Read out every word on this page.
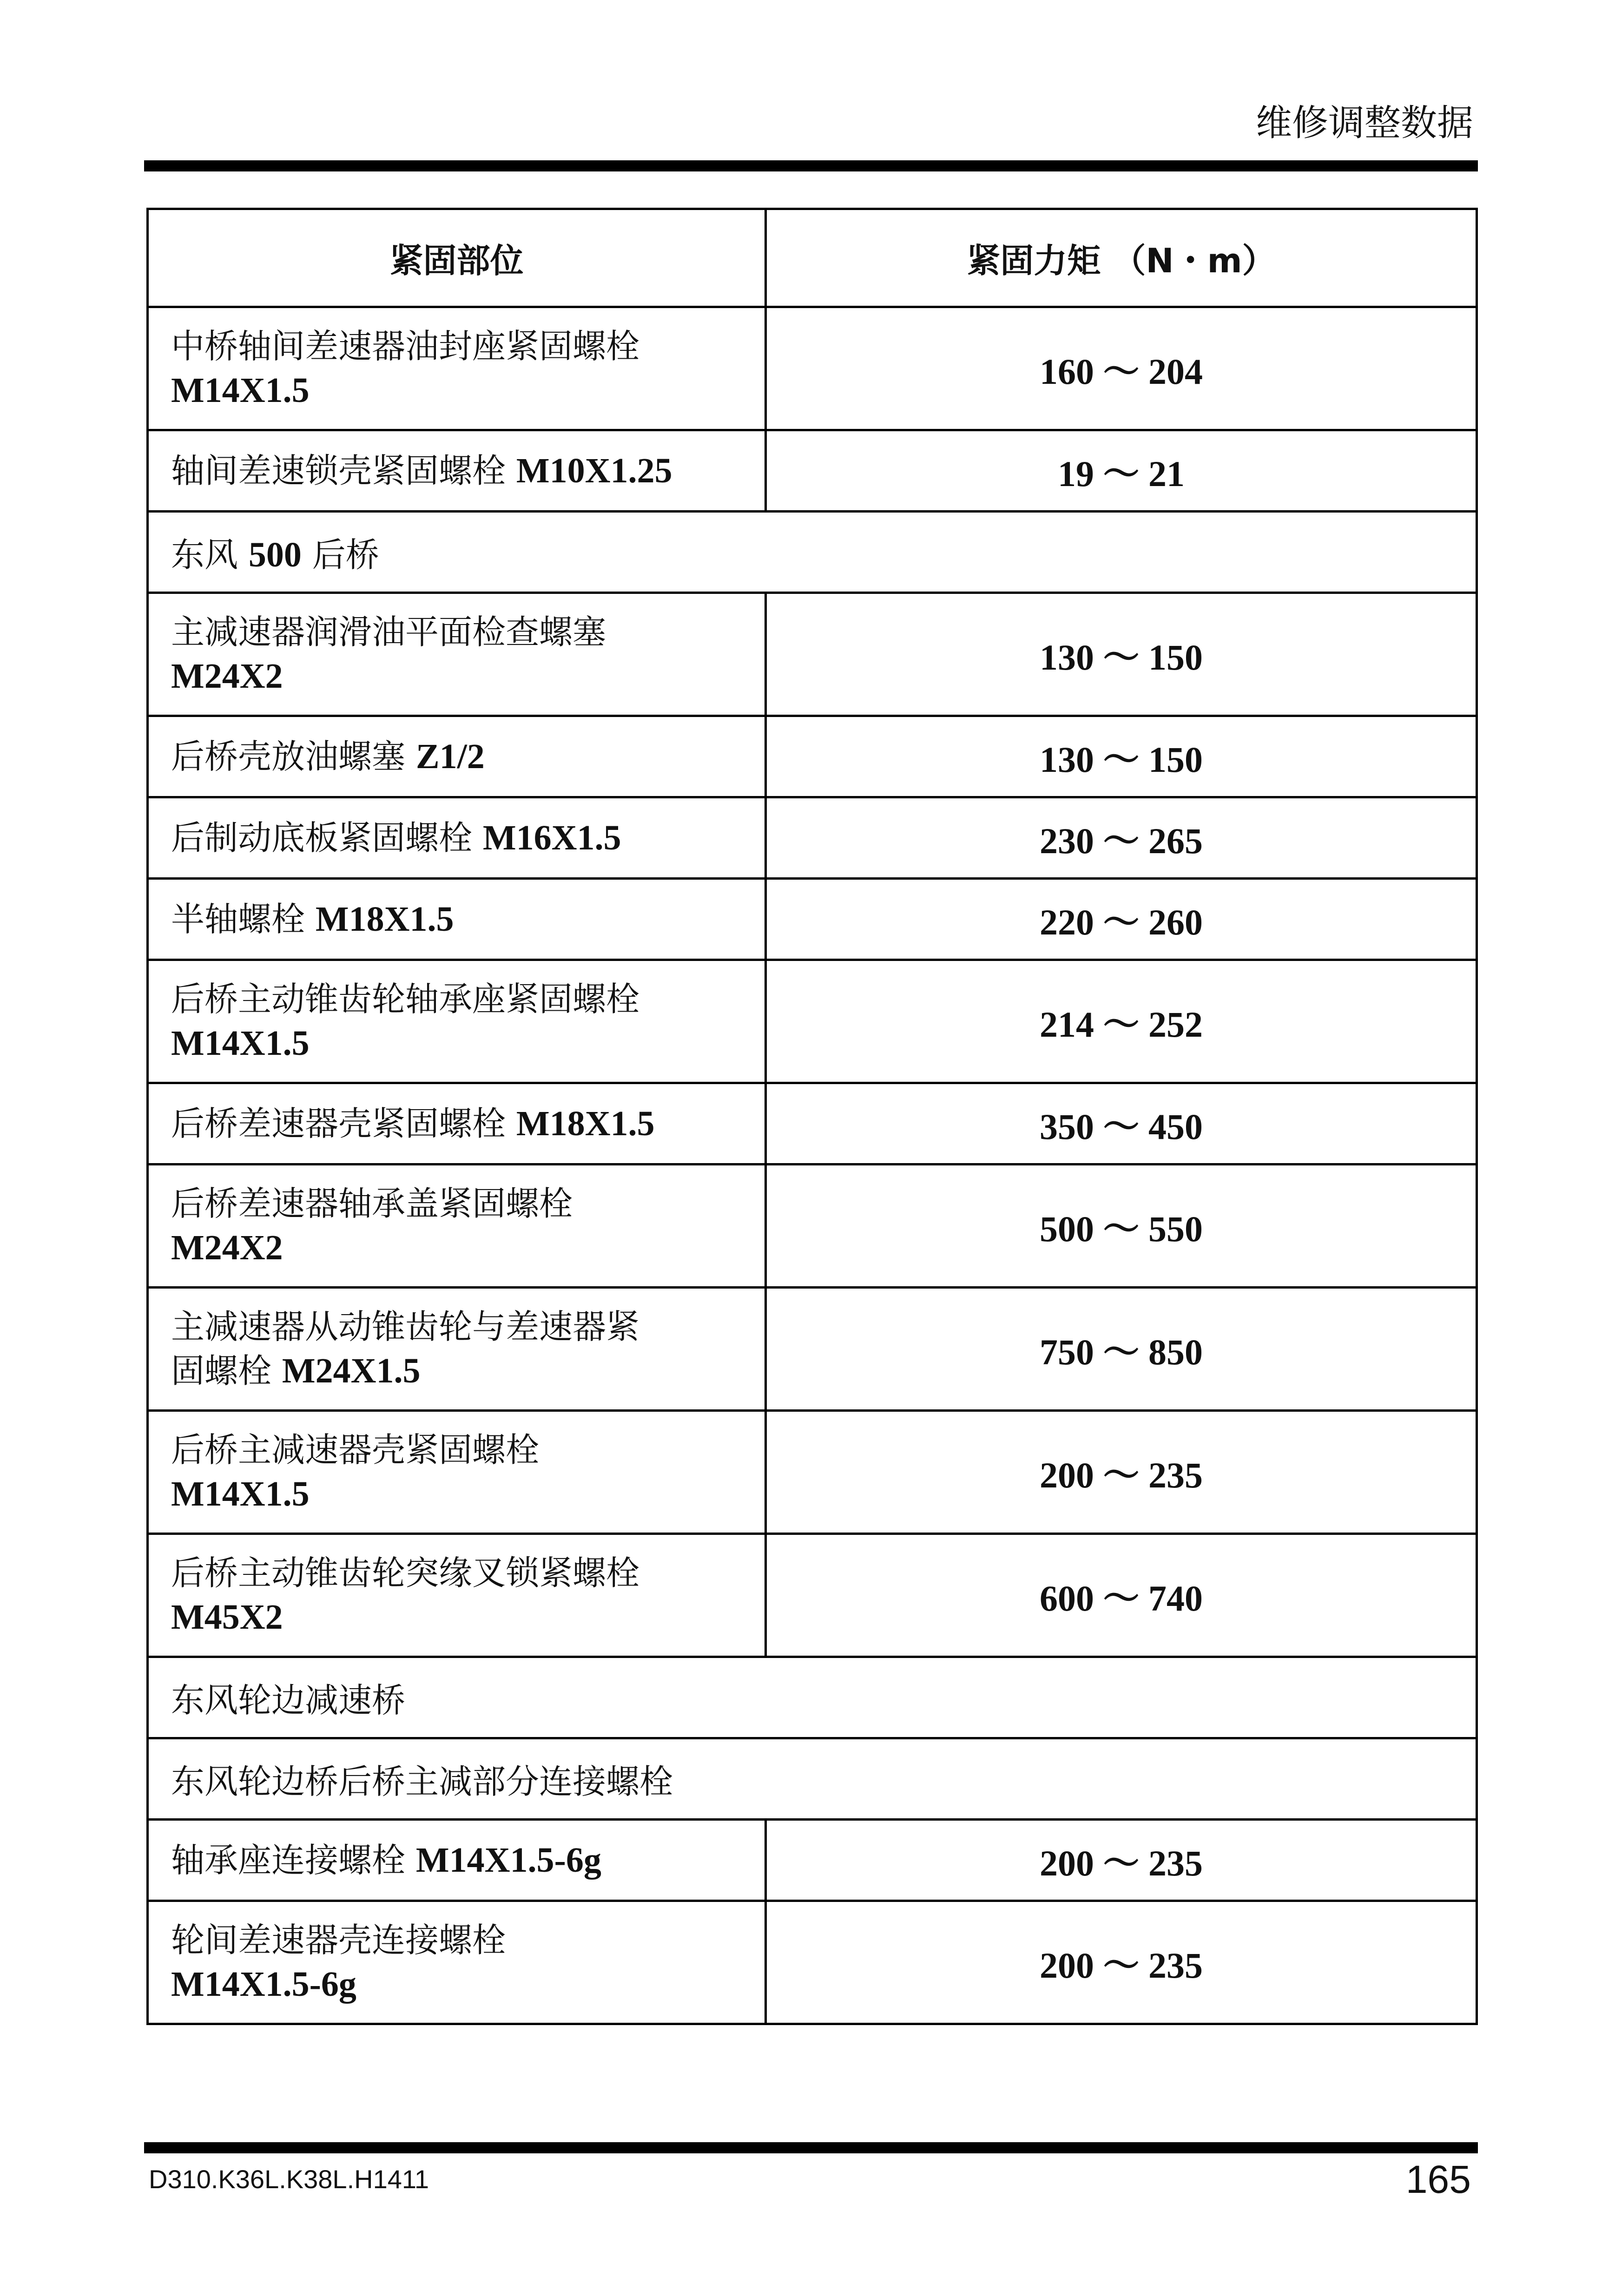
维修调整数据
紧固部位	紧固力矩 （N・m）
中桥轴间差速器油封座紧固螺栓
M14X1.5	160 ～ 204
轴间差速锁壳紧固螺栓 M10X1.25	19 ～ 21
东风 500 后桥	
主减速器润滑油平面检查螺塞
M24X2	130 ～ 150
后桥壳放油螺塞 Z1/2	130 ～ 150
后制动底板紧固螺栓 M16X1.5	230 ～ 265
半轴螺栓 M18X1.5	220 ～ 260
后桥主动锥齿轮轴承座紧固螺栓
M14X1.5	214 ～ 252
后桥差速器壳紧固螺栓 M18X1.5	350 ～ 450
后桥差速器轴承盖紧固螺栓
M24X2	500 ～ 550
主减速器从动锥齿轮与差速器紧
固螺栓 M24X1.5	750 ～ 850
后桥主减速器壳紧固螺栓
M14X1.5	200 ～ 235
后桥主动锥齿轮突缘叉锁紧螺栓
M45X2	600 ～ 740
东风轮边减速桥	
东风轮边桥后桥主减部分连接螺栓	
轴承座连接螺栓 M14X1.5-6g	200 ～ 235
轮间差速器壳连接螺栓
M14X1.5-6g	200 ～ 235
D310.K36L.K38L.H1411	165
